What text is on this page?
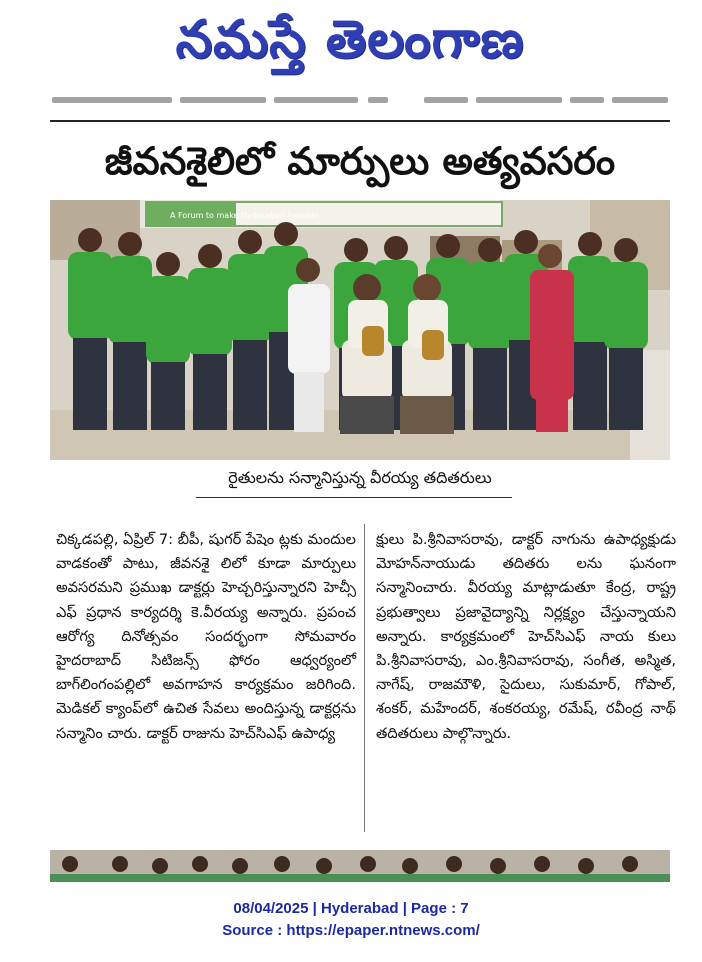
నమస్తే తెలంగాణ
జీవనశైలిలో మార్పులు అత్యవసరం
A Forum to make Hyderabad liveable
రైతులను సన్మానిస్తున్న వీరయ్య తదితరులు
చిక్కడపల్లి, ఏప్రిల్ 7: బీపీ, షుగర్ పేషెం ట్లకు మందుల వాడకంతో పాటు, జీవనశై లిలో కూడా మార్పులు అవసరమని ప్రముఖ డాక్టర్లు హెచ్చరిస్తున్నారని హెచ్సీ ఎఫ్ ప్రధాన కార్యదర్శి కె.వీరయ్య అన్నారు. ప్రపంచ ఆరోగ్య దినోత్సవం సందర్భంగా సోమవారం హైదరాబాద్ సిటిజన్స్ ఫోరం ఆధ్వర్యంలో బాగ్‌లింగంపల్లిలో అవగాహన కార్యక్రమం జరిగింది. మెడికల్ క్యాంప్‌లో ఉచిత సేవలు అందిస్తున్న డాక్టర్లను సన్మానిం చారు. డాక్టర్ రాజును హెచ్‌సిఎఫ్ ఉపాధ్య
క్షులు పి.శ్రీనివాసరావు, డాక్టర్ నాగును ఉపాధ్యక్షుడు మోహన్‌నాయుడు తదితరు లను ఘనంగా సన్మానించారు. వీరయ్య మాట్లాడుతూ కేంద్ర, రాష్ట్ర ప్రభుత్వాలు ప్రజావైద్యాన్ని నిర్లక్ష్యం చేస్తున్నాయని అన్నారు. కార్యక్రమంలో హెచ్‌సిఎఫ్ నాయ కులు పి.శ్రీనివాసరావు, ఎం.శ్రీనివాసరావు, సంగీత, అస్మిత, నాగేష్, రాజమౌళి, సైదులు, సుకుమార్, గోపాల్, శంకర్, మహేందర్, శంకరయ్య, రమేష్, రవీంద్ర నాథ్ తదితరులు పాల్గొన్నారు.
08/04/2025 | Hyderabad | Page : 7
Source : https://epaper.ntnews.com/
